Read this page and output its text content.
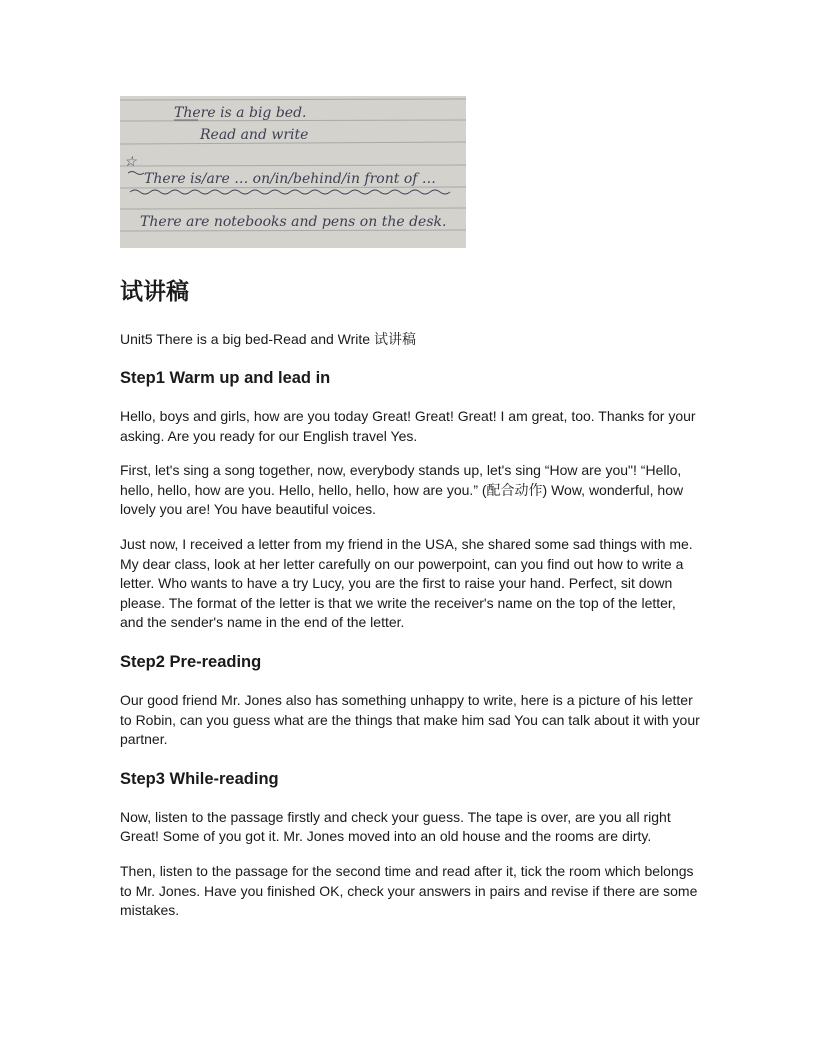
There is a big bed.
Read and write
☆
There is/are … on/in/behind/in front of …
There are notebooks and pens on the desk.
试讲稿

Unit5 There is a big bed-Read and Write 试讲稿

Step1 Warm up and lead in

Hello, boys and girls, how are you today Great! Great! Great! I am great, too. Thanks for your asking. Are you ready for our English travel Yes.

First, let's sing a song together, now, everybody stands up, let's sing “How are you"! “Hello, hello, hello, how are you. Hello, hello, hello, how are you.” (配合动作) Wow, wonderful, how lovely you are! You have beautiful voices.

Just now, I received a letter from my friend in the USA, she shared some sad things with me. My dear class, look at her letter carefully on our powerpoint, can you find out how to write a letter. Who wants to have a try Lucy, you are the first to raise your hand. Perfect, sit down please. The format of the letter is that we write the receiver's name on the top of the letter, and the sender's name in the end of the letter.

Step2 Pre-reading

Our good friend Mr. Jones also has something unhappy to write, here is a picture of his letter to Robin, can you guess what are the things that make him sad You can talk about it with your partner.

Step3 While-reading

Now, listen to the passage firstly and check your guess. The tape is over, are you all right Great! Some of you got it. Mr. Jones moved into an old house and the rooms are dirty.

Then, listen to the passage for the second time and read after it, tick the room which belongs to Mr. Jones. Have you finished OK, check your answers in pairs and revise if there are some mistakes.
